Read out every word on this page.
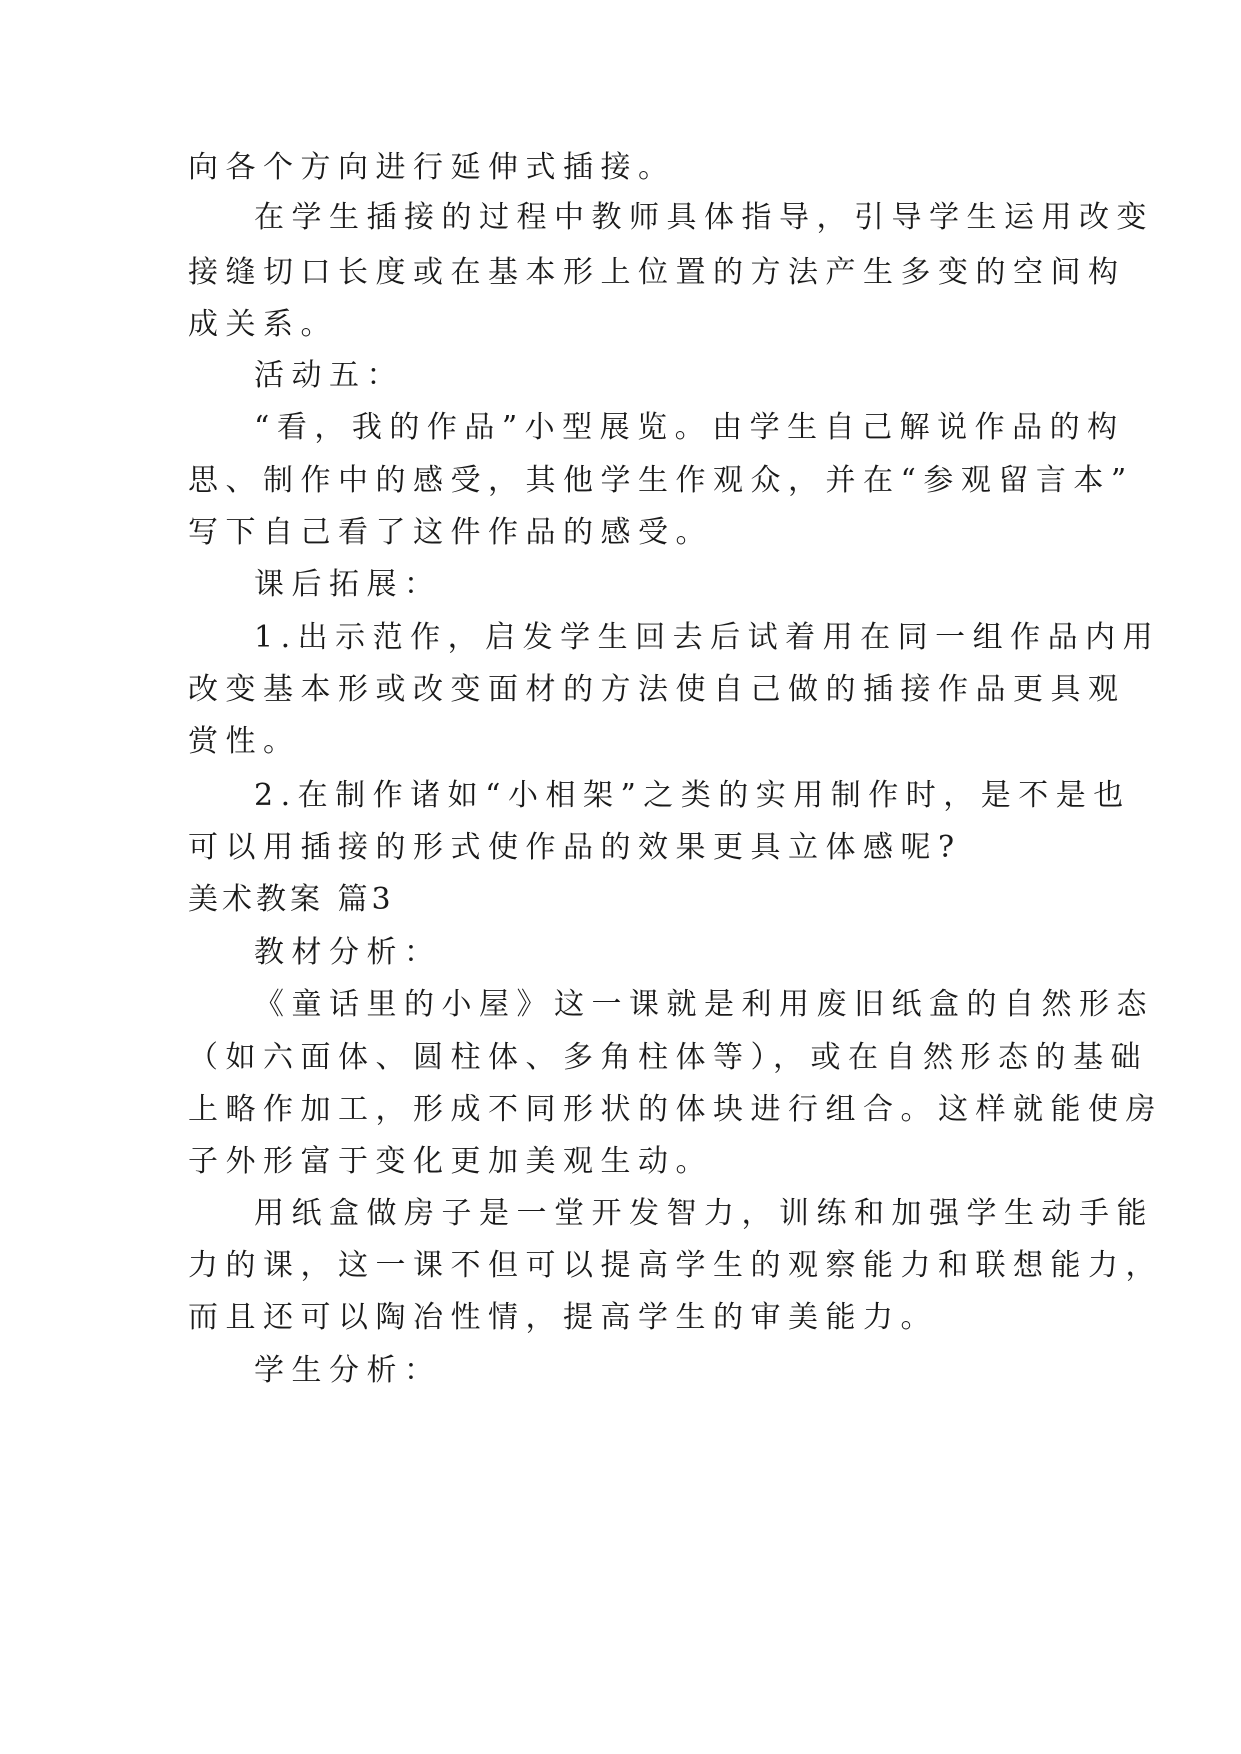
向各个方向进行延伸式插接。
在学生插接的过程中教师具体指导，引导学生运用改变
接缝切口长度或在基本形上位置的方法产生多变的空间构
成关系。
活动五：
“看，我的作品”小型展览。由学生自己解说作品的构
思、制作中的感受，其他学生作观众，并在“参观留言本”
写下自己看了这件作品的感受。
课后拓展：
1.出示范作，启发学生回去后试着用在同一组作品内用
改变基本形或改变面材的方法使自己做的插接作品更具观
赏性。
2.在制作诸如“小相架”之类的实用制作时，是不是也
可以用插接的形式使作品的效果更具立体感呢?
美术教案 篇3
教材分析：
《童话里的小屋》这一课就是利用废旧纸盒的自然形态
（如六面体、圆柱体、多角柱体等），或在自然形态的基础
上略作加工，形成不同形状的体块进行组合。这样就能使房
子外形富于变化更加美观生动。
用纸盒做房子是一堂开发智力，训练和加强学生动手能
力的课，这一课不但可以提高学生的观察能力和联想能力，
而且还可以陶冶性情，提高学生的审美能力。
学生分析：
